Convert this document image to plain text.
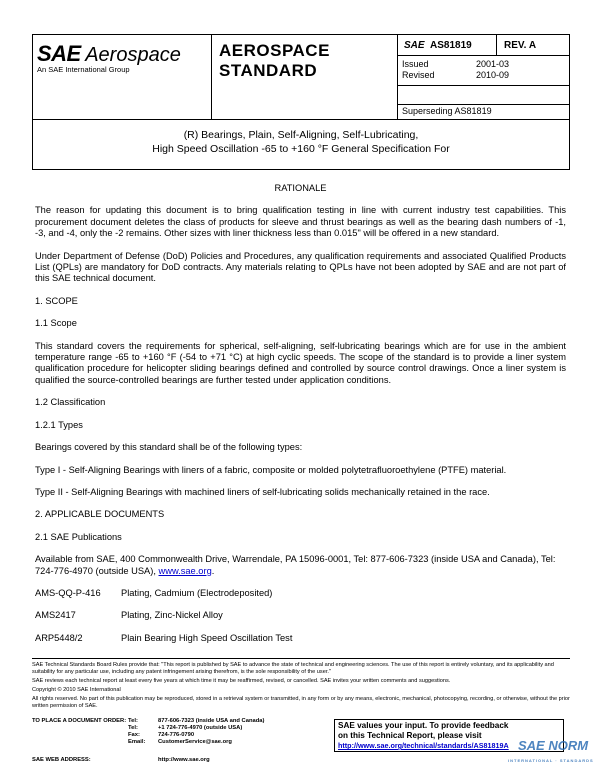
SAE Aerospace
An SAE International Group
AEROSPACE
STANDARD
SAE AS81819	REV. A
Issued	2001-03
Revised	2010-09
Superseding AS81819
(R) Bearings, Plain, Self-Aligning, Self-Lubricating,
High Speed Oscillation -65 to +160 °F General Specification For

RATIONALE

The reason for updating this document is to bring qualification testing in line with current industry test capabilities. This procurement document deletes the class of products for sleeve and thrust bearings as well as the bearing dash numbers of -1, -3, and -4, only the -2 remains. Other sizes with liner thickness less than 0.015" will be offered in a new standard.

Under Department of Defense (DoD) Policies and Procedures, any qualification requirements and associated Qualified Products List (QPLs) are mandatory for DoD contracts. Any materials relating to QPLs have not been adopted by SAE and are not part of this SAE technical document.

1. SCOPE

1.1 Scope

This standard covers the requirements for spherical, self-aligning, self-lubricating bearings which are for use in the ambient temperature range -65 to +160 °F (-54 to +71 °C) at high cyclic speeds. The scope of the standard is to provide a liner system qualification procedure for helicopter sliding bearings defined and controlled by source control drawings. Once a liner system is qualified the source-controlled bearings are further tested under application conditions.

1.2 Classification

1.2.1 Types

Bearings covered by this standard shall be of the following types:

Type I - Self-Aligning Bearings with liners of a fabric, composite or molded polytetrafluoroethylene (PTFE) material.

Type II - Self-Aligning Bearings with machined liners of self-lubricating solids mechanically retained in the race.

2. APPLICABLE DOCUMENTS

2.1 SAE Publications

Available from SAE, 400 Commonwealth Drive, Warrendale, PA 15096-0001, Tel: 877-606-7323 (inside USA and Canada), Tel: 724-776-4970 (outside USA), www.sae.org.

AMS-QQ-P-416	Plating, Cadmium (Electrodeposited)
AMS2417	Plating, Zinc-Nickel Alloy
ARP5448/2	Plain Bearing High Speed Oscillation Test

SAE Technical Standards Board Rules provide that: "This report is published by SAE to advance the state of technical and engineering sciences. The use of this report is entirely voluntary, and its applicability and suitability for any particular use, including any patent infringement arising therefrom, is the sole responsibility of the user."

SAE reviews each technical report at least every five years at which time it may be reaffirmed, revised, or cancelled. SAE invites your written comments and suggestions.

Copyright © 2010 SAE International

All rights reserved. No part of this publication may be reproduced, stored in a retrieval system or transmitted, in any form or by any means, electronic, mechanical, photocopying, recording, or otherwise, without the prior written permission of SAE.

TO PLACE A DOCUMENT ORDER: Tel:	877-606-7323 (inside USA and Canada)
Tel:	+1 724-776-4970 (outside USA)
Fax:	724-776-0790
Email: CustomerService@sae.org
SAE WEB ADDRESS:	http://www.sae.org
SAE values your input. To provide feedback
on this Technical Report, please visit
http://www.sae.org/technical/standards/AS81819A SAE NORM
INTERNATIONAL · STANDARDS
